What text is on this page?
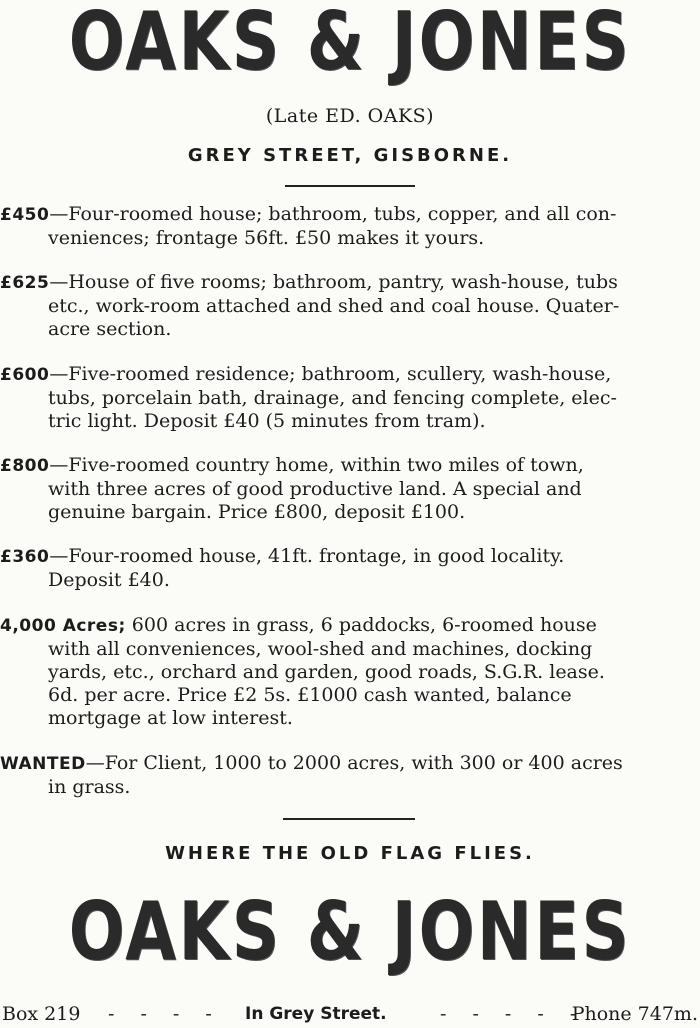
OAKS & JONES
(Late ED. OAKS)
GREY STREET, GISBORNE.
£450—Four-roomed house; bathroom, tubs, copper, and all con-
veniences; frontage 56ft. £50 makes it yours.
£625—House of five rooms; bathroom, pantry, wash-house, tubs
etc., work-room attached and shed and coal house. Quater-
acre section.
£600—Five-roomed residence; bathroom, scullery, wash-house,
tubs, porcelain bath, drainage, and fencing complete, elec-
tric light. Deposit £40 (5 minutes from tram).
£800—Five-roomed country home, within two miles of town,
with three acres of good productive land. A special and
genuine bargain. Price £800, deposit £100.
£360—Four-roomed house, 41ft. frontage, in good locality.
Deposit £40.
4,000 Acres; 600 acres in grass, 6 paddocks, 6-roomed house
with all conveniences, wool-shed and machines, docking
yards, etc., orchard and garden, good roads, S.G.R. lease.
6d. per acre. Price £2 5s. £1000 cash wanted, balance
mortgage at low interest.
WANTED—For Client, 1000 to 2000 acres, with 300 or 400 acres
in grass.
WHERE THE OLD FLAG FLIES.
OAKS & JONES
Box 219 - - - - In Grey Street.	- - - - -
Phone 747m.
